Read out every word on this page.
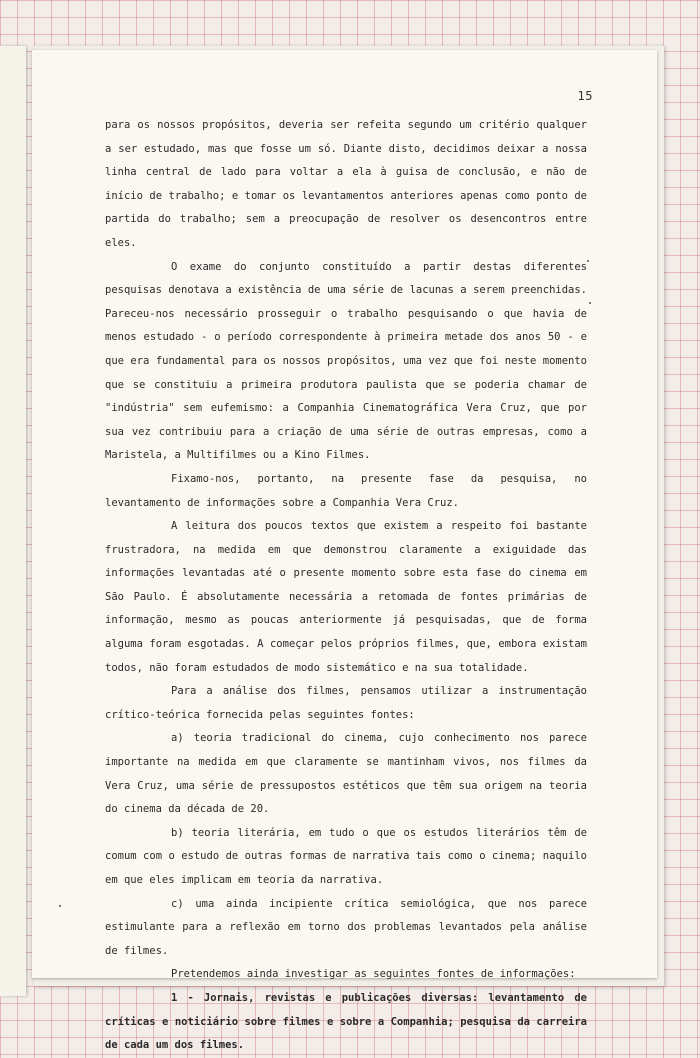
15

para os nossos propósitos, deveria ser refeita segundo um critério qualquer a ser estudado, mas que fosse um só. Diante disto, decidimos deixar a nossa linha central de lado para voltar a ela à guisa de conclusão, e não de início de trabalho; e tomar os levantamentos anteriores apenas como ponto de partida do trabalho; sem a preocupação de resolver os desencontros entre eles.

O exame do conjunto constituído a partir destas diferentes pesquisas denotava a existência de uma série de lacunas a serem preenchidas. Pareceu-nos necessário prosseguir o trabalho pesquisando o que havia de menos estudado - o período correspondente à primeira metade dos anos 50 - e que era fundamental para os nossos propósitos, uma vez que foi neste momento que se constituiu a primeira produtora paulista que se poderia chamar de "indústria" sem eufemismo: a Companhia Cinematográfica Vera Cruz, que por sua vez contribuiu para a criação de uma série de outras empresas, como a Maristela, a Multifilmes ou a Kino Filmes.

Fixamo-nos, portanto, na presente fase da pesquisa, no levantamento de informações sobre a Companhia Vera Cruz.

A leitura dos poucos textos que existem a respeito foi bastante frustradora, na medida em que demonstrou claramente a exiguidade das informações levantadas até o presente momento sobre esta fase do cinema em São Paulo. É absolutamente necessária a retomada de fontes primárias de informação, mesmo as poucas anteriormente já pesquisadas, que de forma alguma foram esgotadas. A começar pelos próprios filmes, que, embora existam todos, não foram estudados de modo sistemático e na sua totalidade.

Para a análise dos filmes, pensamos utilizar a instrumentação crítico-teórica fornecida pelas seguintes fontes:

a) teoria tradicional do cinema, cujo conhecimento nos parece importante na medida em que claramente se mantinham vivos, nos filmes da Vera Cruz, uma série de pressupostos estéticos que têm sua origem na teoria do cinema da década de 20.

b) teoria literária, em tudo o que os estudos literários têm de comum com o estudo de outras formas de narrativa tais como o cinema; naquilo em que eles implicam em teoria da narrativa.

c) uma ainda incipiente crítica semiológica, que nos parece estimulante para a reflexão em torno dos problemas levantados pela análise de filmes.

Pretendemos ainda investigar as seguintes fontes de informações:

1 - Jornais, revistas e publicações diversas: levantamento de críticas e noticiário sobre filmes e sobre a Companhia; pesquisa da carreira de cada um dos filmes.
